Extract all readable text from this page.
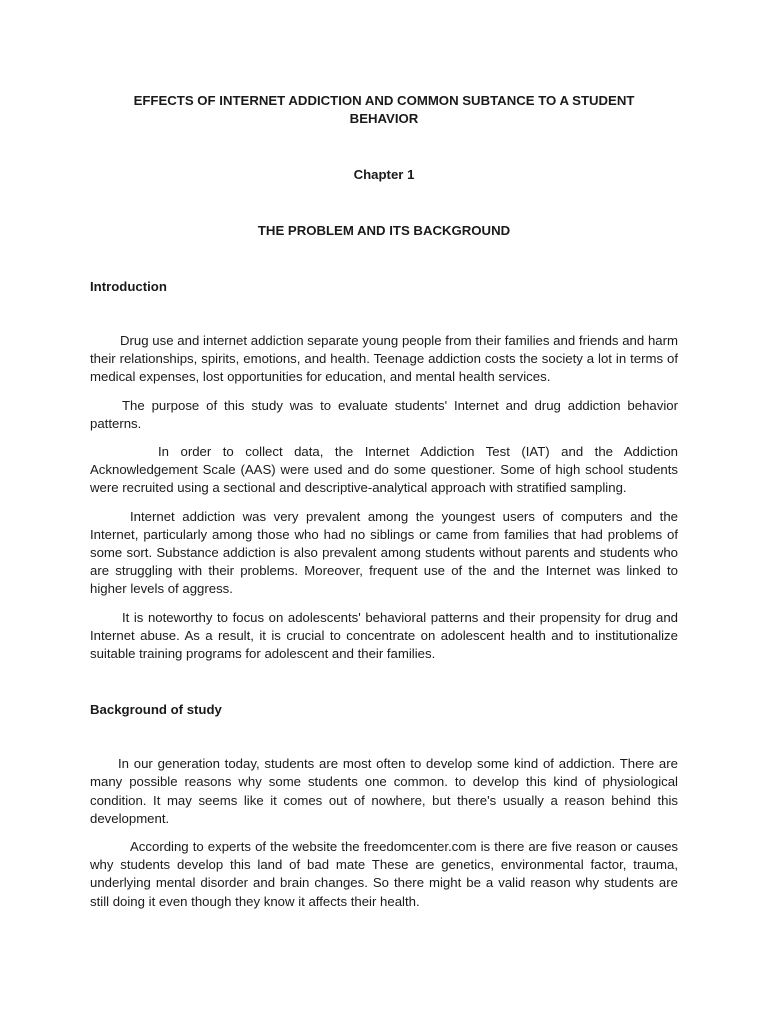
EFFECTS OF INTERNET ADDICTION AND COMMON SUBTANCE TO A STUDENT BEHAVIOR
Chapter 1
THE PROBLEM AND ITS BACKGROUND
Introduction

Drug use and internet addiction separate young people from their families and friends and harm their relationships, spirits, emotions, and health. Teenage addiction costs the society a lot in terms of medical expenses, lost opportunities for education, and mental health services.

The purpose of this study was to evaluate students' Internet and drug addiction behavior patterns.

In order to collect data, the Internet Addiction Test (IAT) and the Addiction Acknowledgement Scale (AAS) were used and do some questioner. Some of high school students were recruited using a sectional and descriptive-analytical approach with stratified sampling.

Internet addiction was very prevalent among the youngest users of computers and the Internet, particularly among those who had no siblings or came from families that had problems of some sort. Substance addiction is also prevalent among students without parents and students who are struggling with their problems. Moreover, frequent use of the and the Internet was linked to higher levels of aggress.

It is noteworthy to focus on adolescents' behavioral patterns and their propensity for drug and Internet abuse. As a result, it is crucial to concentrate on adolescent health and to institutionalize suitable training programs for adolescent and their families.

Background of study

In our generation today, students are most often to develop some kind of addiction. There are many possible reasons why some students one common. to develop this kind of physiological condition. It may seems like it comes out of nowhere, but there's usually a reason behind this development.

According to experts of the website the freedomcenter.com is there are five reason or causes why students develop this land of bad mate These are genetics, environmental factor, trauma, underlying mental disorder and brain changes. So there might be a valid reason why students are still doing it even though they know it affects their health.
